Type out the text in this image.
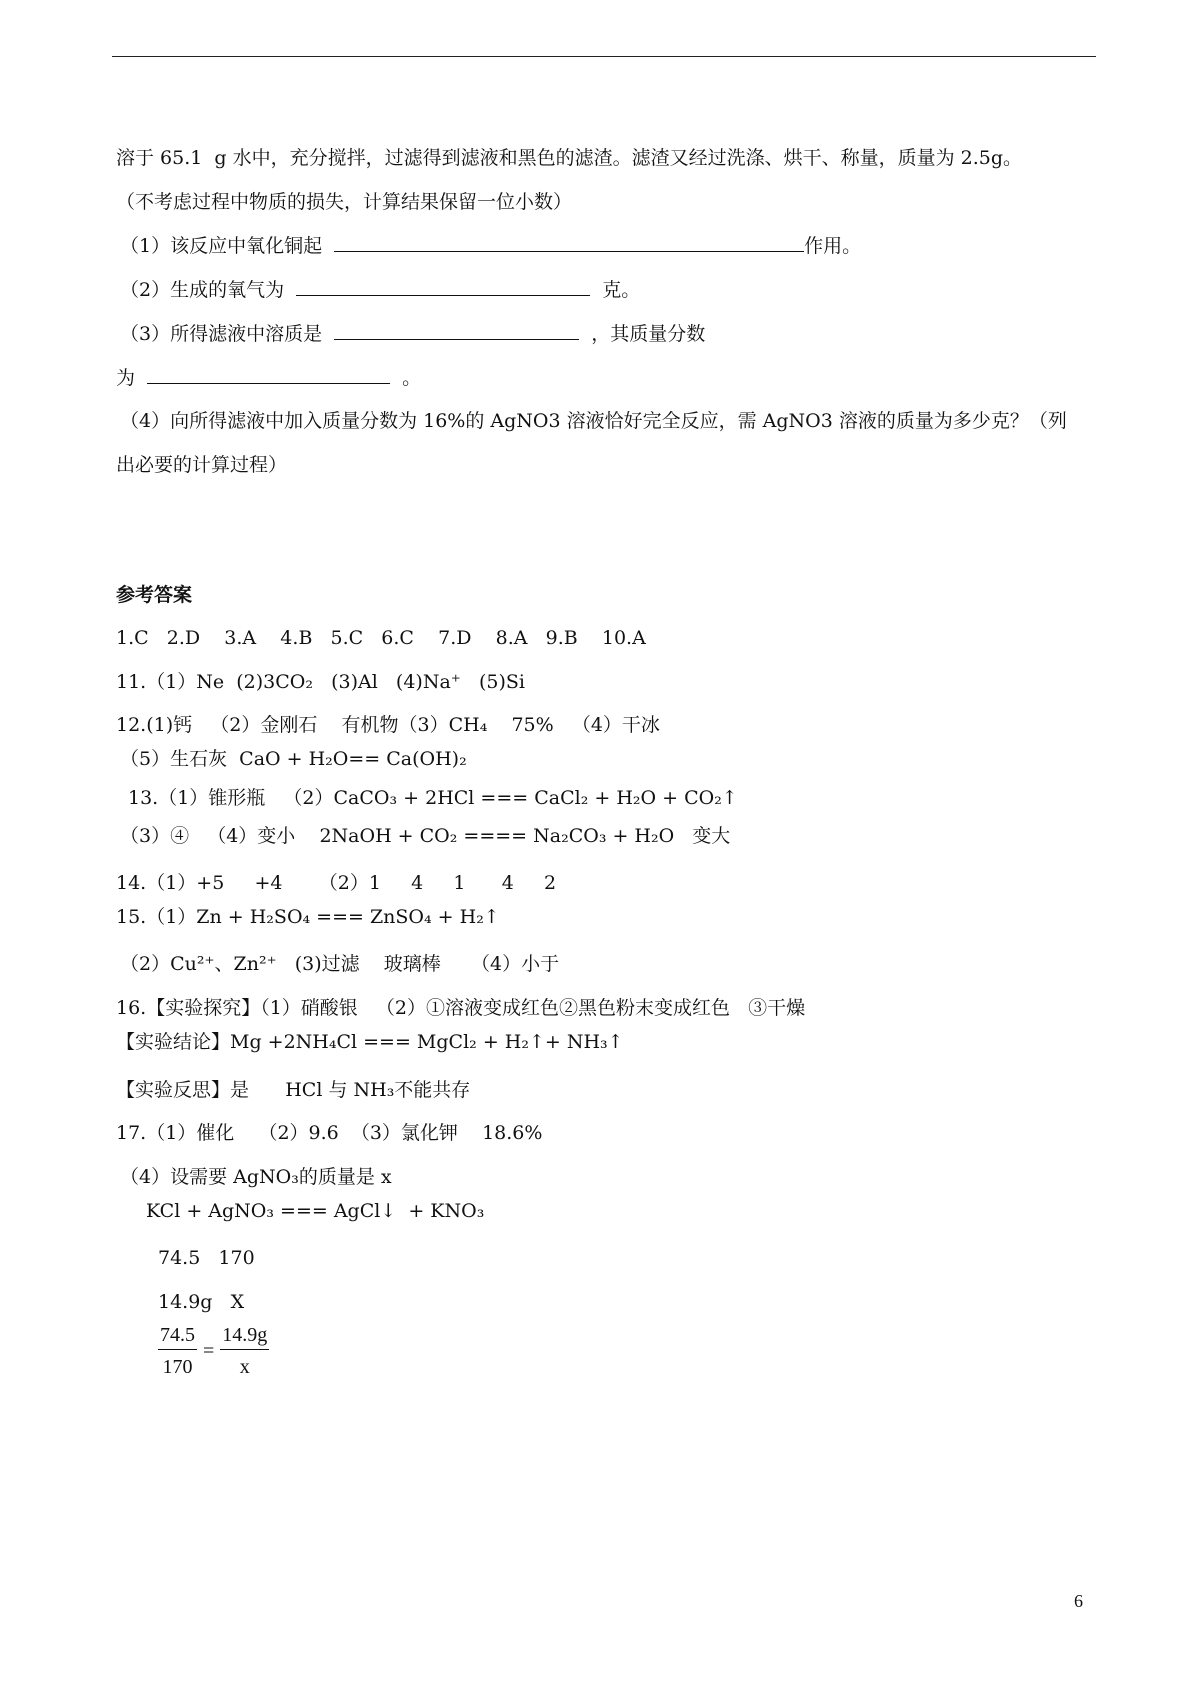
溶于 65.1  g 水中，充分搅拌，过滤得到滤液和黑色的滤渣。滤渣又经过洗涤、烘干、称量，质量为 2.5g。
（不考虑过程中物质的损失，计算结果保留一位小数）
（1）该反应中氧化铜起	作用。
（2）生成的氧气为	克。
（3）所得滤液中溶质是	，其质量分数
为	。
（4）向所得滤液中加入质量分数为 16%的 AgNO3 溶液恰好完全反应，需 AgNO3 溶液的质量为多少克？（列
出必要的计算过程）
参考答案
1.C   2.D    3.A    4.B   5.C   6.C    7.D    8.A   9.B    10.A
11.（1）Ne  (2)3CO₂   (3)Al   (4)Na⁺   (5)Si
12.(1)钙   （2）金刚石    有机物（3）CH₄    75%   （4）干冰
（5）生石灰  CaO + H₂O== Ca(OH)₂
13.（1）锥形瓶   （2）CaCO₃ + 2HCl === CaCl₂ + H₂O + CO₂↑
（3）④   （4）变小    2NaOH + CO₂ ==== Na₂CO₃ + H₂O   变大
14.（1）+5     +4      （2）1     4     1      4     2
15.（1）Zn + H₂SO₄ === ZnSO₄ + H₂↑
（2）Cu²⁺、Zn²⁺   (3)过滤    玻璃棒     （4）小于
16.【实验探究】（1）硝酸银   （2）①溶液变成红色②黑色粉末变成红色   ③干燥
【实验结论】Mg +2NH₄Cl === MgCl₂ + H₂↑+ NH₃↑
【实验反思】是      HCl 与 NH₃不能共存
17.（1）催化    （2）9.6  （3）氯化钾    18.6%
（4）设需要 AgNO₃的质量是 x
KCl + AgNO₃ === AgCl↓  + KNO₃
74.5   170
14.9g   X
$\frac{74.5}{170} = \frac{14.9g}{x}$
6
